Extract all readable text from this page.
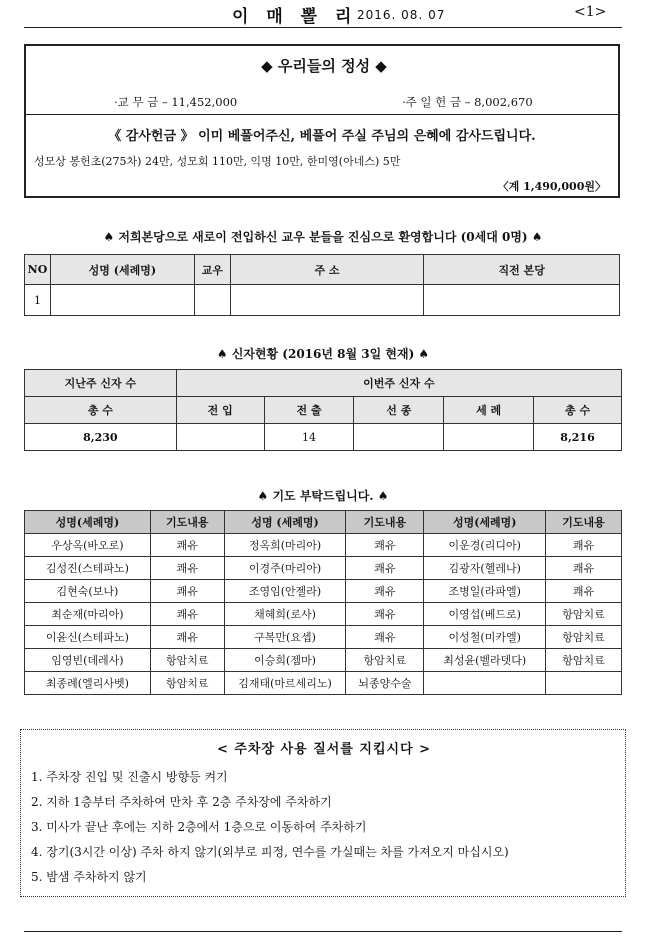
이 매 뽈 리 2016. 08. 07	<1>
◆ 우리들의 정성 ◆
·교 무 금 – 11,452,000	·주 일 헌 금 – 8,002,670
《 감사헌금 》 이미 베풀어주신, 베풀어 주실 주님의 은혜에 감사드립니다.
성모상 봉헌초(275차) 24만, 성모회 110만, 익명 10만, 한미영(아네스) 5만
〈계 1,490,000원〉
♠ 저희본당으로 새로이 전입하신 교우 분들을 진심으로 환영합니다 (0세대 0명) ♠
NO	성명 (세례명)	교우	주 소	직전 본당
1				
♠ 신자현황 (2016년 8월 3일 현재) ♠
지난주 신자 수	이번주 신자 수				
총 수	전 입	전 출	선 종	세 례	총 수
8,230		14			8,216
♠ 기도 부탁드립니다. ♠
성명(세례명)	기도내용	성명 (세례명)	기도내용	성명(세례명)	기도내용
우상옥(바오로)	쾌유	정옥희(마리아)	쾌유	이운경(리디아)	쾌유
김성진(스테파노)	쾌유	이경주(마리아)	쾌유	김광자(헬레나)	쾌유
김현숙(보나)	쾌유	조영임(안젤라)	쾌유	조병일(라파엘)	쾌유
최순재(마리아)	쾌유	채혜희(로사)	쾌유	이영섭(베드로)	항암치료
이윤신(스테파노)	쾌유	구복만(요셉)	쾌유	이성철(미카엘)	항암치료
임영빈(데레사)	항암치료	이승희(젬마)	항암치료	최성윤(벨라뎃다)	항암치료
최종례(엘리사벳)	항암치료	김재태(마르세리노)	뇌종양수술		
< 주차장 사용 질서를 지킵시다 >
1. 주차장 진입 및 진출시 방향등 켜기
2. 지하 1층부터 주차하여 만차 후 2층 주차장에 주차하기
3. 미사가 끝난 후에는 지하 2층에서 1층으로 이동하여 주차하기
4. 장기(3시간 이상) 주차 하지 않기(외부로 피정, 연수를 가실때는 차를 가져오지 마십시오)
5. 밤샘 주차하지 않기
